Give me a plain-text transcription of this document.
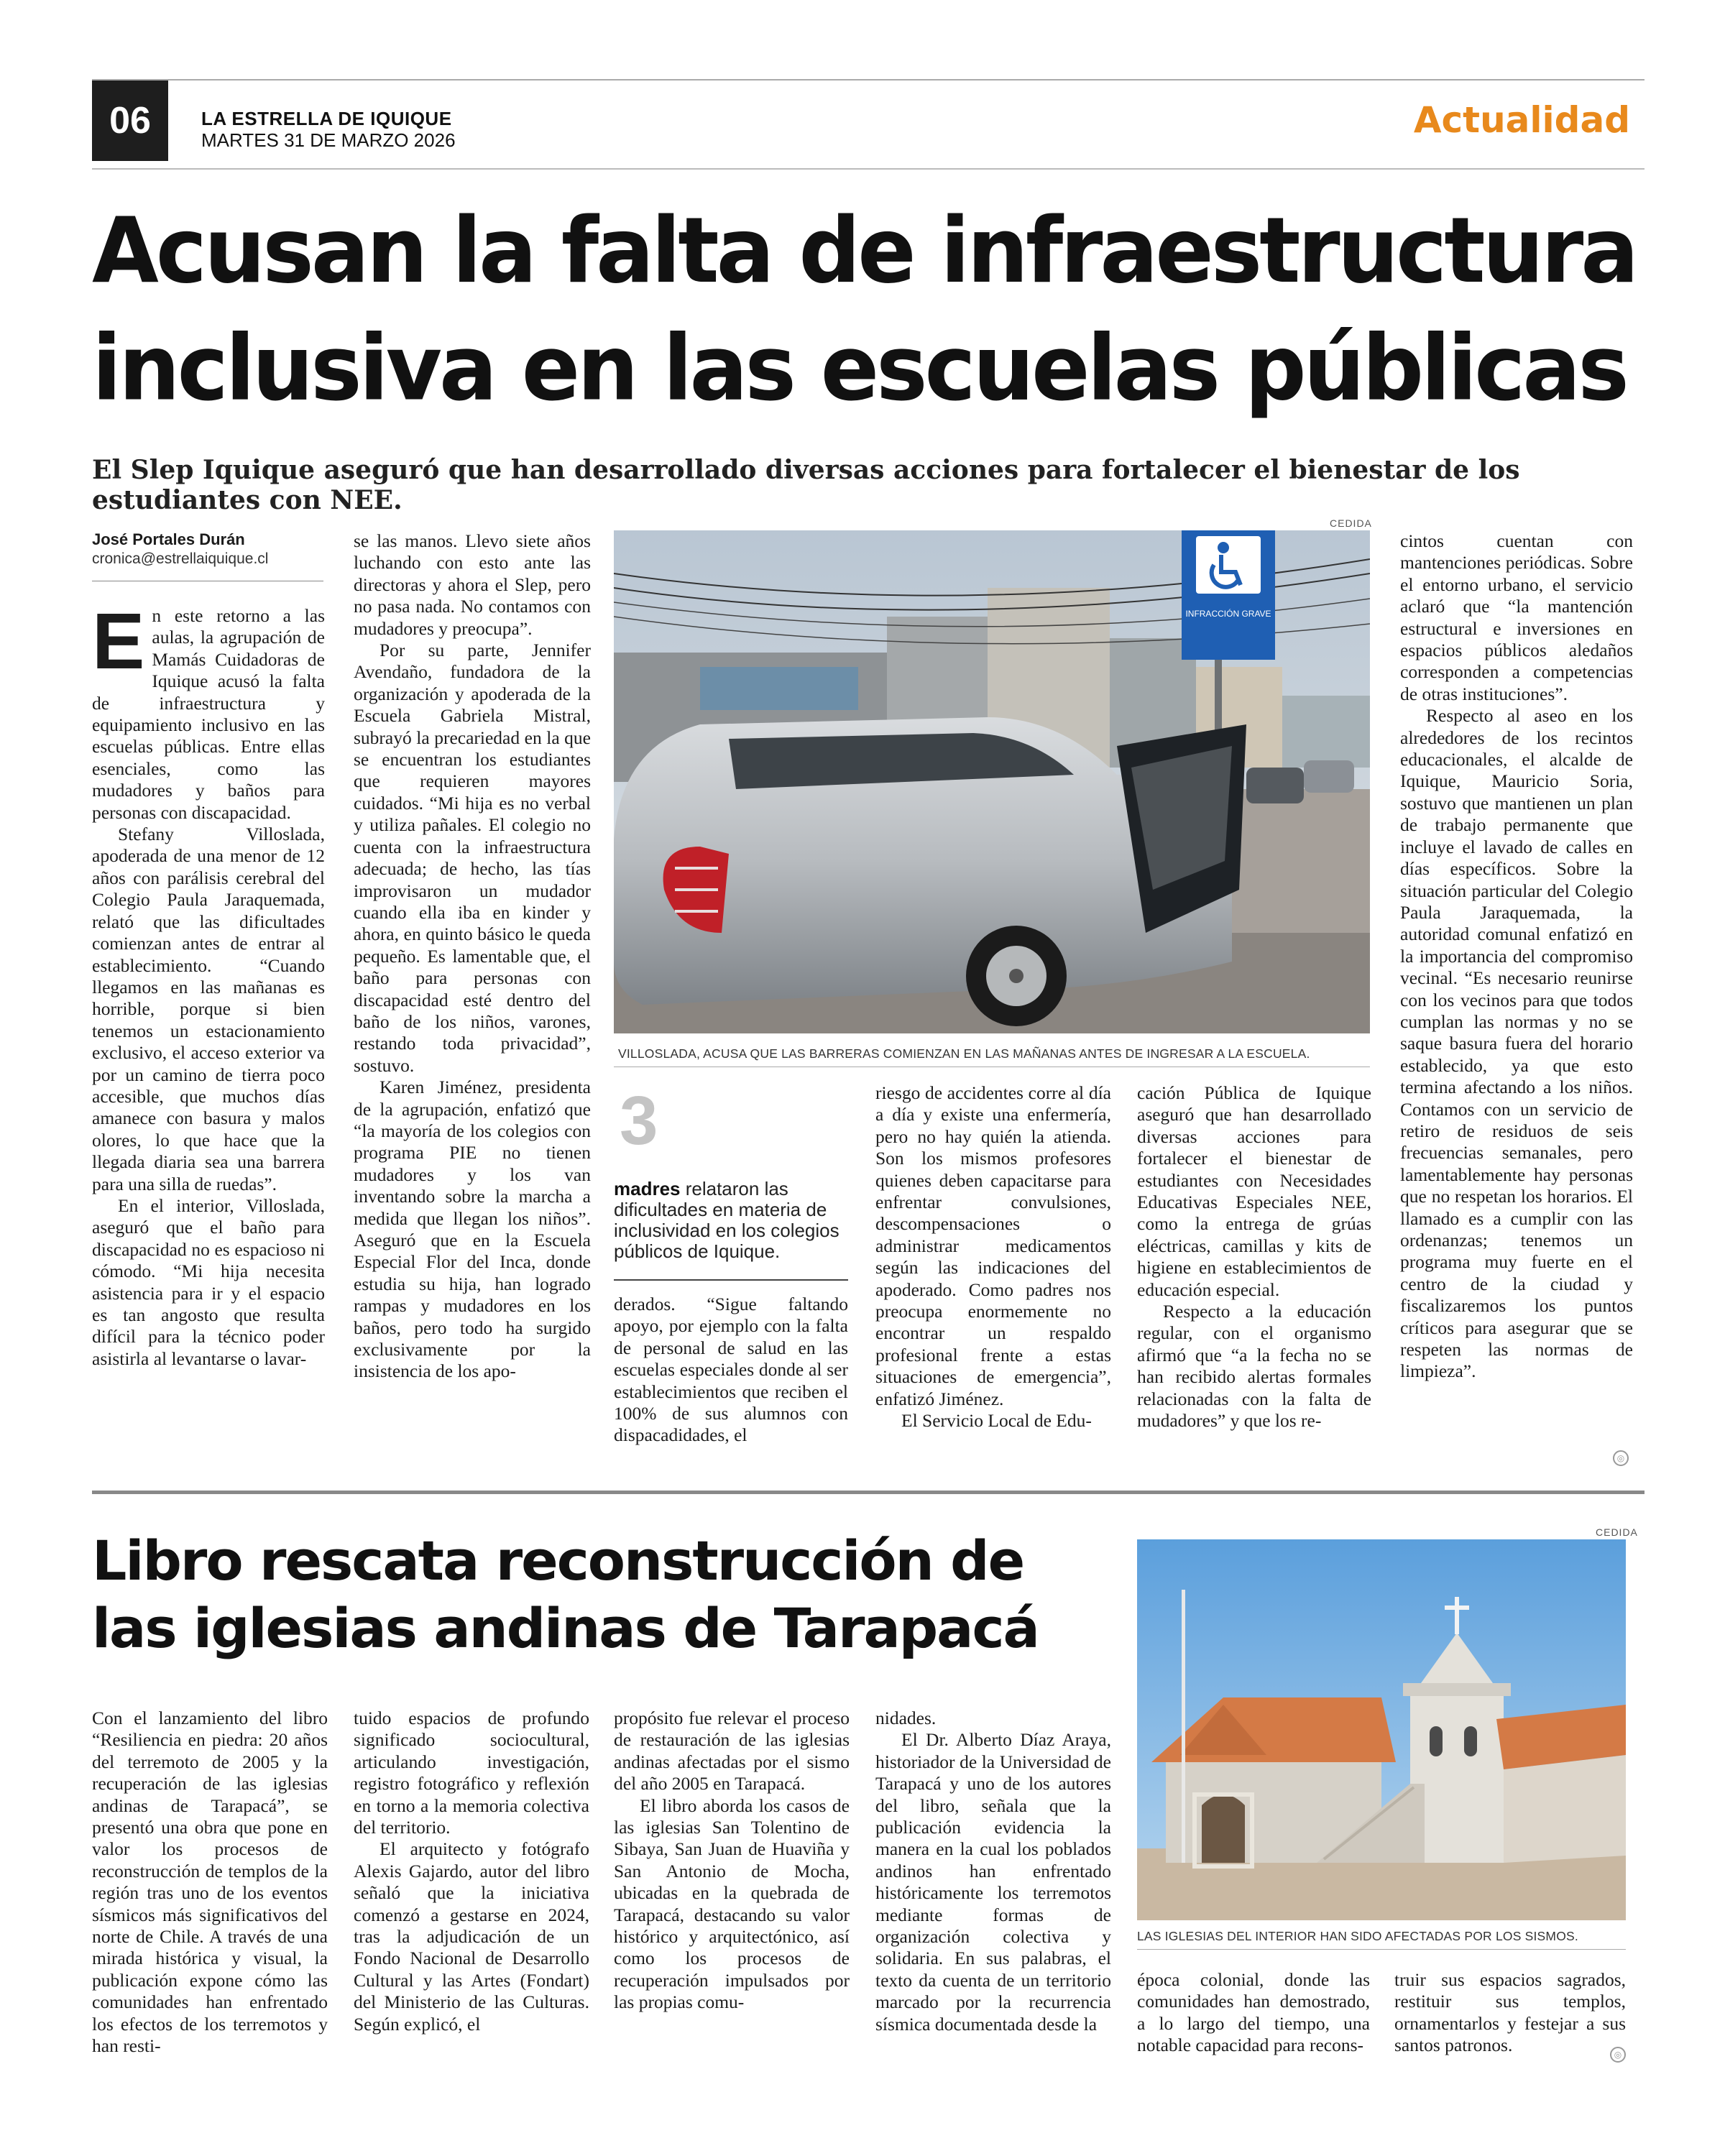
06	LA ESTRELLA DE IQUIQUE
MARTES 31 DE MARZO 2026	Actualidad
Acusan la falta de infraestructura inclusiva en las escuelas públicas
El Slep Iquique aseguró que han desarrollado diversas acciones para fortalecer el bienestar de los estudiantes con NEE.
José Portales Durán
cronica@estrellaiquique.cl

En este retorno a las aulas, la agrupación de Mamás Cuidadoras de Iquique acusó la falta de infraestructura y equipamiento inclusivo en las escuelas públicas. Entre ellas esenciales, como las mudadores y baños para personas con discapacidad.

Stefany Villoslada, apoderada de una menor de 12 años con parálisis cerebral del Colegio Paula Jaraquemada, relató que las dificultades comienzan antes de entrar al establecimiento. “Cuando llegamos en las mañanas es horrible, porque si bien tenemos un estacionamiento exclusivo, el acceso exterior va por un camino de tierra poco accesible, que muchos días amanece con basura y malos olores, lo que hace que la llegada diaria sea una barrera para una silla de ruedas”.

En el interior, Villoslada, aseguró que el baño para discapacidad no es espacioso ni cómodo. “Mi hija necesita asistencia para ir y el espacio es tan angosto que resulta difícil para la técnico poder asistirla al levantarse o lavar-

se las manos. Llevo siete años luchando con esto ante las directoras y ahora el Slep, pero no pasa nada. No contamos con mudadores y preocupa”.

Por su parte, Jennifer Avendaño, fundadora de la organización y apoderada de la Escuela Gabriela Mistral, subrayó la precariedad en la que se encuentran los estudiantes que requieren mayores cuidados. “Mi hija es no verbal y utiliza pañales. El colegio no cuenta con la infraestructura adecuada; de hecho, las tías improvisaron un mudador cuando ella iba en kinder y ahora, en quinto básico le queda pequeño. Es lamentable que, el baño para personas con discapacidad esté dentro del baño de los niños, varones, restando toda privacidad”, sostuvo.

Karen Jiménez, presidenta de la agrupación, enfatizó que “la mayoría de los colegios con programa PIE no tienen mudadores y los van inventando sobre la marcha a medida que llegan los niños”. Aseguró que en la Escuela Especial Flor del Inca, donde estudia su hija, han logrado rampas y mudadores en los baños, pero todo ha surgido exclusivamente por la insistencia de los apo-

CEDIDA
INFRACCIÓN GRAVE
VILLOSLADA, ACUSA QUE LAS BARRERAS COMIENZAN EN LAS MAÑANAS ANTES DE INGRESAR A LA ESCUELA.
3
madres relataron las dificultades en materia de inclusividad en los colegios públicos de Iquique.

derados. “Sigue faltando apoyo, por ejemplo con la falta de personal de salud en las escuelas especiales donde al ser establecimientos que reciben el 100% de sus alumnos con dispacadidades, el

riesgo de accidentes corre al día a día y existe una enfermería, pero no hay quién la atienda. Son los mismos profesores quienes deben capacitarse para enfrentar convulsiones, descompensaciones o administrar medicamentos según las indicaciones del apoderado. Como padres nos preocupa enormemente no encontrar un respaldo profesional frente a estas situaciones de emergencia”, enfatizó Jiménez.

El Servicio Local de Edu-

cación Pública de Iquique aseguró que han desarrollado diversas acciones para fortalecer el bienestar de estudiantes con Necesidades Educativas Especiales NEE, como la entrega de grúas eléctricas, camillas y kits de higiene en establecimientos de educación especial.

Respecto a la educación regular, con el organismo afirmó que “a la fecha no se han recibido alertas formales relacionadas con la falta de mudadores” y que los re-

cintos cuentan con mantenciones periódicas. Sobre el entorno urbano, el servicio aclaró que “la mantención estructural e inversiones en espacios públicos aledaños corresponden a competencias de otras instituciones”.

Respecto al aseo en los alrededores de los recintos educacionales, el alcalde de Iquique, Mauricio Soria, sostuvo que mantienen un plan de trabajo permanente que incluye el lavado de calles en días específicos. Sobre la situación particular del Colegio Paula Jaraquemada, la autoridad comunal enfatizó en la importancia del compromiso vecinal. “Es necesario reunirse con los vecinos para que todos cumplan las normas y no se saque basura fuera del horario establecido, ya que esto termina afectando a los niños. Contamos con un servicio de retiro de residuos de seis frecuencias semanales, pero lamentablemente hay personas que no respetan los horarios. El llamado es a cumplir con las ordenanzas; tenemos un programa muy fuerte en el centro de la ciudad y fiscalizaremos los puntos críticos para asegurar que se respeten las normas de limpieza”.

◎
Libro rescata reconstrucción de las iglesias andinas de Tarapacá
CEDIDA
LAS IGLESIAS DEL INTERIOR HAN SIDO AFECTADAS POR LOS SISMOS.

Con el lanzamiento del libro “Resiliencia en piedra: 20 años del terremoto de 2005 y la recuperación de las iglesias andinas de Tarapacá”, se presentó una obra que pone en valor los procesos de reconstrucción de templos de la región tras uno de los eventos sísmicos más significativos del norte de Chile. A través de una mirada histórica y visual, la publicación expone cómo las comunidades han enfrentado los efectos de los terremotos y han resti-

tuido espacios de profundo significado sociocultural, articulando investigación, registro fotográfico y reflexión en torno a la memoria colectiva del territorio.

El arquitecto y fotógrafo Alexis Gajardo, autor del libro señaló que la iniciativa comenzó a gestarse en 2024, tras la adjudicación de un Fondo Nacional de Desarrollo Cultural y las Artes (Fondart) del Ministerio de las Culturas. Según explicó, el

propósito fue relevar el proceso de restauración de las iglesias andinas afectadas por el sismo del año 2005 en Tarapacá.

El libro aborda los casos de las iglesias San Tolentino de Sibaya, San Juan de Huaviña y San Antonio de Mocha, ubicadas en la quebrada de Tarapacá, destacando su valor histórico y arquitectónico, así como los procesos de recuperación impulsados por las propias comu-

nidades.

El Dr. Alberto Díaz Araya, historiador de la Universidad de Tarapacá y uno de los autores del libro, señala que la publicación evidencia la manera en la cual los poblados andinos han enfrentado históricamente los terremotos mediante formas de organización colectiva y solidaria. En sus palabras, el texto da cuenta de un territorio marcado por la recurrencia sísmica documentada desde la

época colonial, donde las comunidades han demostrado, a lo largo del tiempo, una notable capacidad para recons-

truir sus espacios sagrados, restituir sus templos, ornamentarlos y festejar a sus santos patronos.	◎
